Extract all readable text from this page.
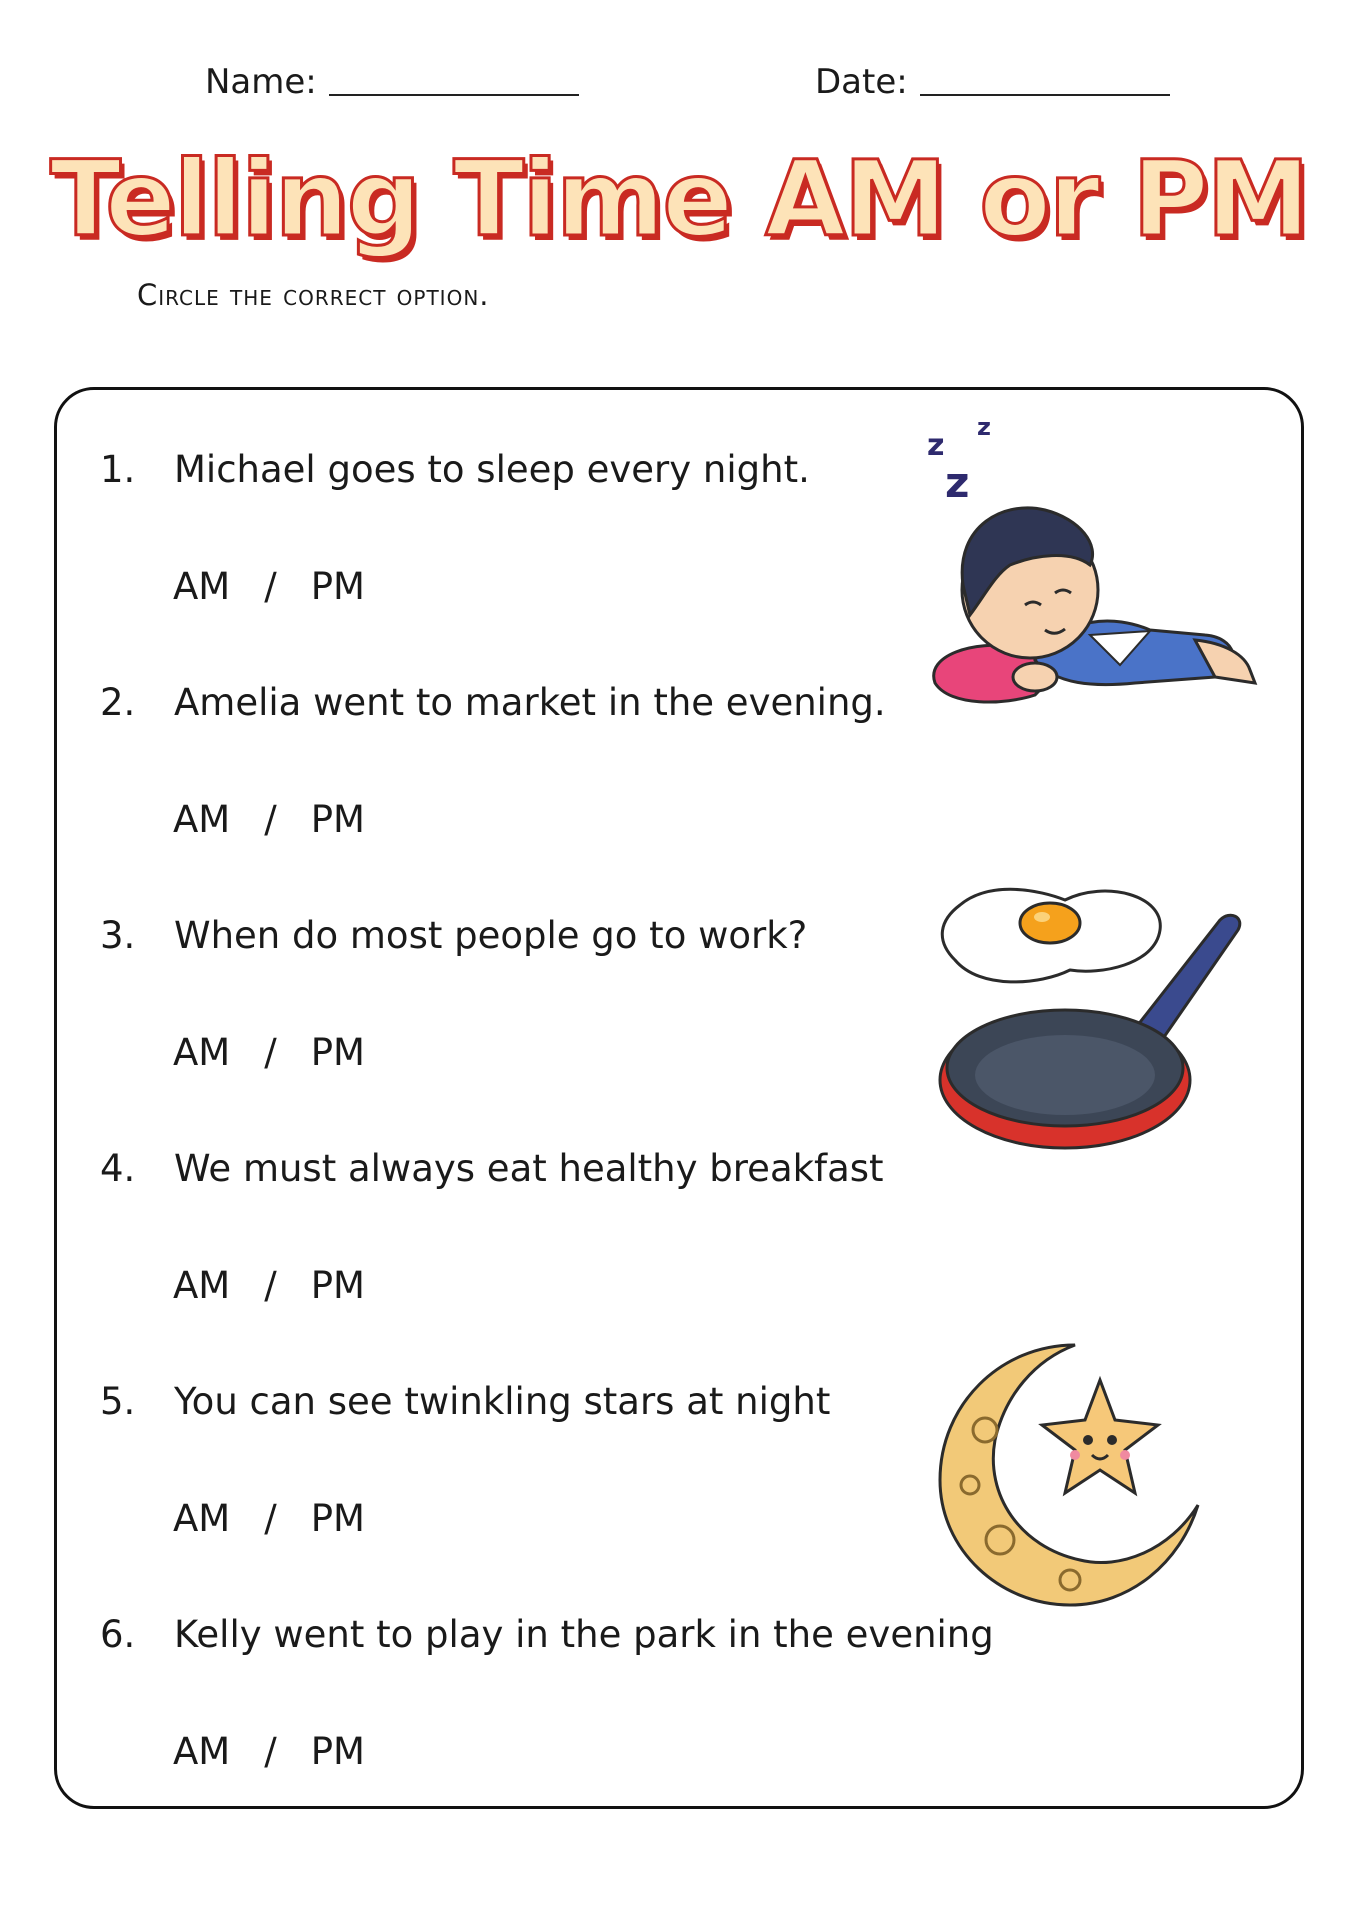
Name:	Date:
Telling Time AM or PM
Circle the correct option.
1.	Michael goes to sleep every night.
AM / PM
2.	Amelia went to market in the evening.
AM / PM
3.	When do most people go to work?
AM / PM
4.	We must always eat healthy breakfast
AM / PM
5.	You can see twinkling stars at night
AM / PM
6.	Kelly went to play in the park in the evening
AM / PM
z
z
z
